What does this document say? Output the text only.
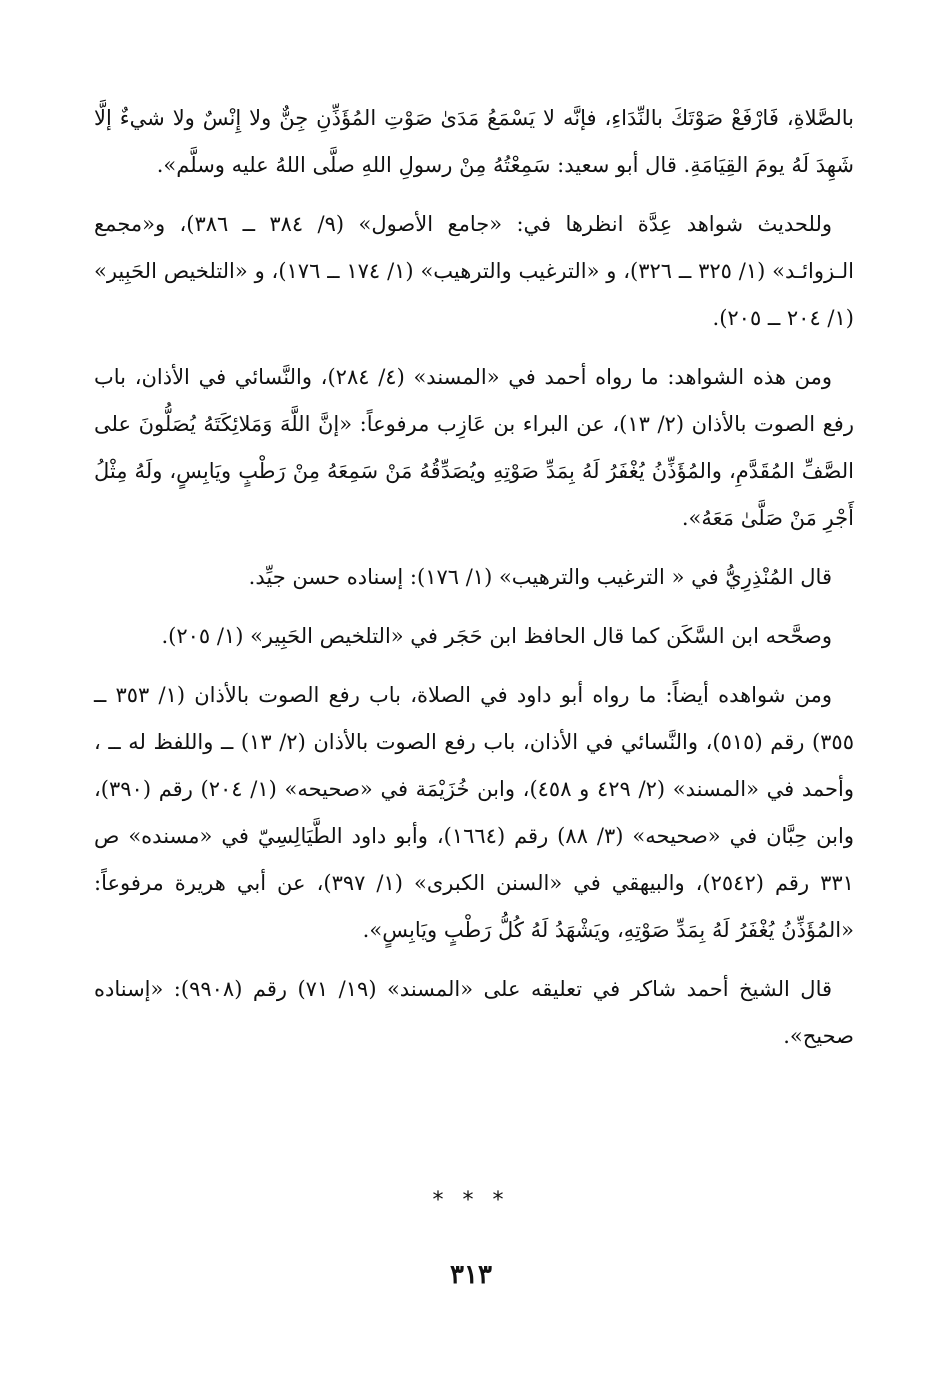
بالصَّلاةِ، فَارْفَعْ صَوْتَكَ بالنِّدَاءِ، فإنَّه لا يَسْمَعُ مَدَىٰ صَوْتِ المُؤَذِّنِ جِنٌّ ولا إِنْسٌ ولا شيءٌ إلَّا شَهِدَ لَهُ يومَ القِيَامَةِ. قال أبو سعيد: سَمِعْتُهُ مِنْ رسولِ اللهِ صلَّى اللهُ عليه وسلَّم».

وللحديث شواهد عِدَّة انظرها في: «جامع الأصول» (٩/ ٣٨٤ ــ ٣٨٦)، و«مجمع الـزوائـد» (١/ ٣٢٥ ــ ٣٢٦)، و «الترغيب والترهيب» (١/ ١٧٤ ــ ١٧٦)، و «التلخيص الحَبِير» (١/ ٢٠٤ ــ ٢٠٥).

ومن هذه الشواهد: ما رواه أحمد في «المسند» (٤/ ٢٨٤)، والنَّسائي في الأذان، باب رفع الصوت بالأذان (٢/ ١٣)، عن البراء بن عَازِب مرفوعاً: «إنَّ اللَّهَ وَمَلائِكَتَهُ يُصَلُّونَ على الصَّفِّ المُقَدَّمِ، والمُؤَذِّنُ يُغْفَرُ لَهُ بِمَدِّ صَوْتِهِ ويُصَدِّقُهُ مَنْ سَمِعَهُ مِنْ رَطْبٍ ويَابِسٍ، ولَهُ مِثْلُ أَجْرِ مَنْ صَلَّىٰ مَعَهُ».

قال المُنْذِرِيُّ في « الترغيب والترهيب» (١/ ١٧٦): إسناده حسن جيِّد.

وصحَّحه ابن السَّكَن كما قال الحافظ ابن حَجَر في «التلخيص الحَبِير» (١/ ٢٠٥).

ومن شواهده أيضاً: ما رواه أبو داود في الصلاة، باب رفع الصوت بالأذان (١/ ٣٥٣ ــ ٣٥٥) رقم (٥١٥)، والنَّسائي في الأذان، باب رفع الصوت بالأذان (٢/ ١٣) ــ واللفظ له ــ ، وأحمد في «المسند» (٢/ ٤٢٩ و ٤٥٨)، وابن خُزَيْمَة في «صحيحه» (١/ ٢٠٤) رقم (٣٩٠)، وابن حِبَّان في «صحيحه» (٣/ ٨٨) رقم (١٦٦٤)، وأبو داود الطَّيَالِسِيّ في «مسنده» ص ٣٣١ رقم (٢٥٤٢)، والبيهقي في «السنن الكبرى» (١/ ٣٩٧)، عن أبي هريرة مرفوعاً: «المُؤَذِّنُ يُغْفَرُ لَهُ بِمَدِّ صَوْتِهِ، ويَشْهَدُ لَهُ كُلُّ رَطْبٍ ويَابِسٍ».

قال الشيخ أحمد شاكر في تعليقه على «المسند» (١٩/ ٧١) رقم (٩٩٠٨): «إسناده صحيح».

* * *
٣١٣
